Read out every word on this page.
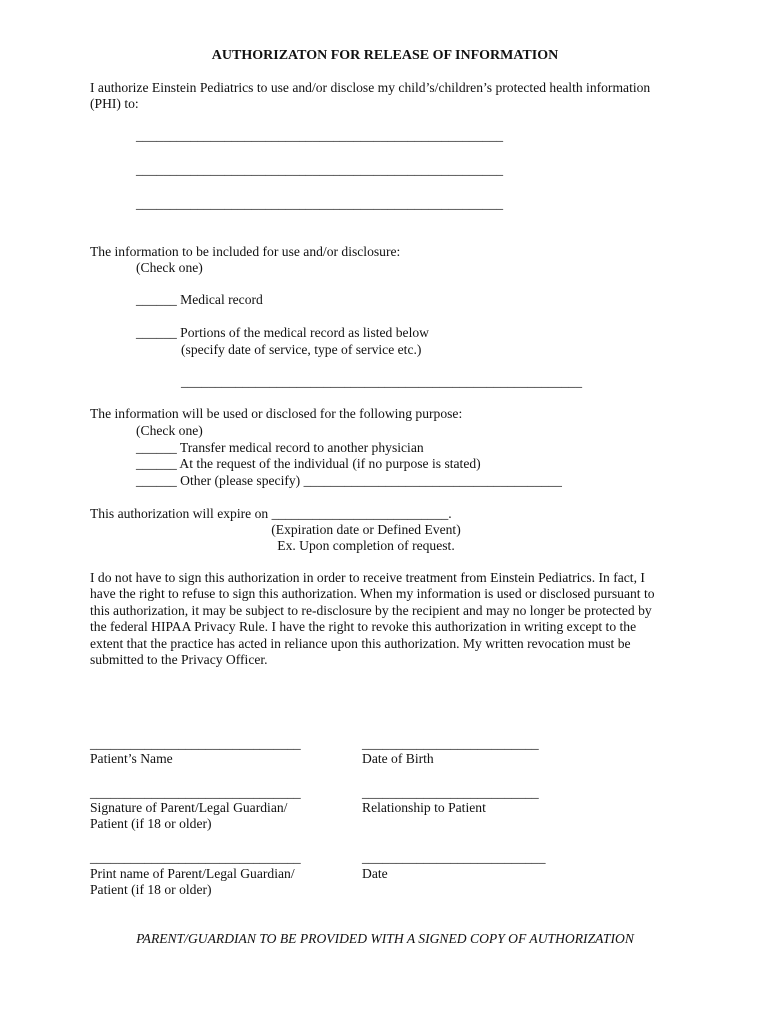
AUTHORIZATON FOR RELEASE OF INFORMATION
I authorize Einstein Pediatrics to use and/or disclose my child’s/children’s protected health information
(PHI) to:
______________________________________________________
______________________________________________________
______________________________________________________
The information to be included for use and/or disclosure:
(Check one)
______ Medical record
______ Portions of the medical record as listed below
(specify date of service, type of service etc.)
___________________________________________________________
The information will be used or disclosed for the following purpose:
(Check one)
______ Transfer medical record to another physician
______ At the request of the individual (if no purpose is stated)
______ Other (please specify) ______________________________________
This authorization will expire on __________________________.
(Expiration date or Defined Event)
Ex. Upon completion of request.
I do not have to sign this authorization in order to receive treatment from Einstein Pediatrics. In fact, I
have the right to refuse to sign this authorization. When my information is used or disclosed pursuant to
this authorization, it may be subject to re-disclosure by the recipient and may no longer be protected by
the federal HIPAA Privacy Rule. I have the right to revoke this authorization in writing except to the
extent that the practice has acted in reliance upon this authorization. My written revocation must be
submitted to the Privacy Officer.
_______________________________
Patient’s Name
__________________________
Date of Birth
_______________________________
Signature of Parent/Legal Guardian/
Patient (if 18 or older)
__________________________
Relationship to Patient
_______________________________
Print name of Parent/Legal Guardian/
Patient (if 18 or older)
___________________________
Date
PARENT/GUARDIAN TO BE PROVIDED WITH A SIGNED COPY OF AUTHORIZATION
